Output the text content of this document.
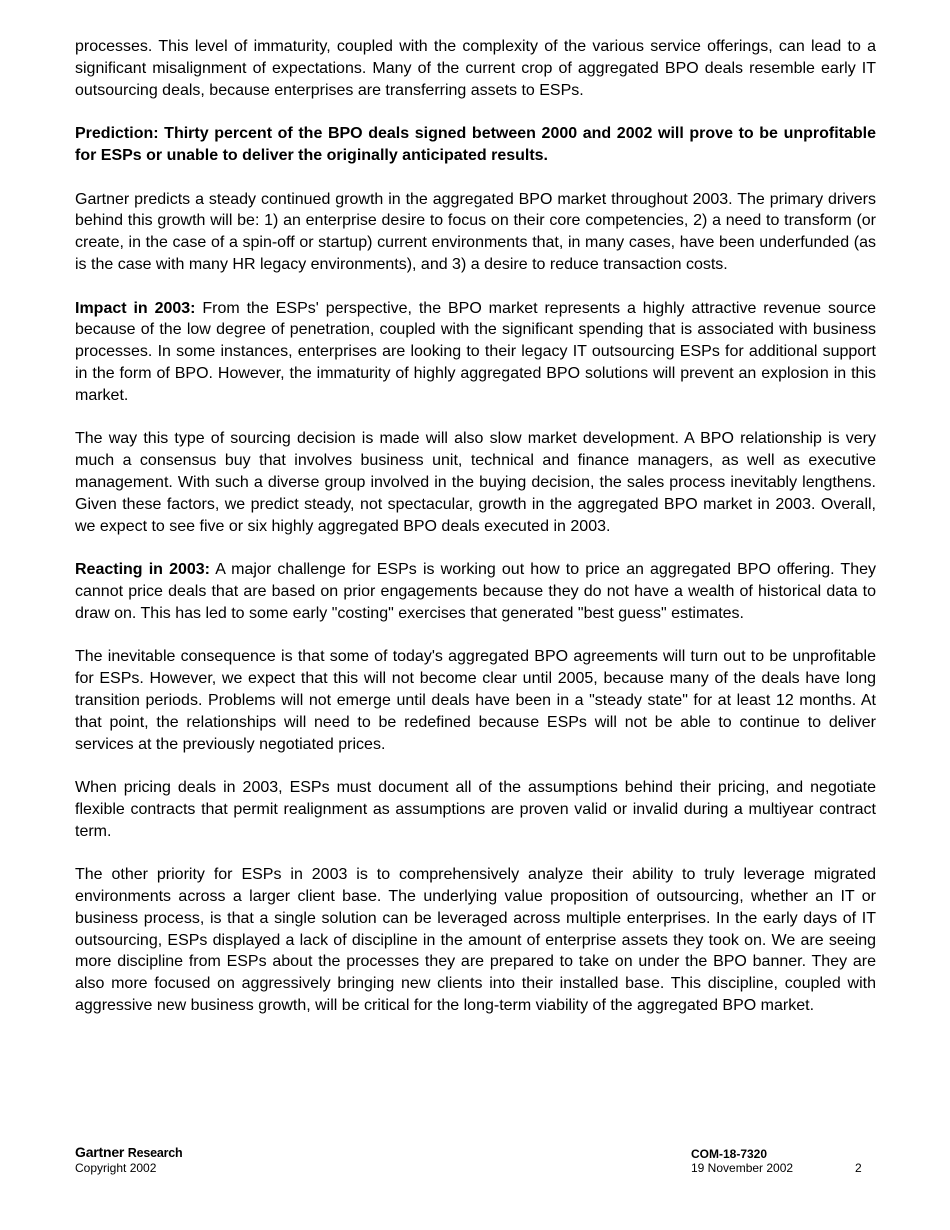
processes. This level of immaturity, coupled with the complexity of the various service offerings, can lead to a significant misalignment of expectations. Many of the current crop of aggregated BPO deals resemble early IT outsourcing deals, because enterprises are transferring assets to ESPs.

Prediction: Thirty percent of the BPO deals signed between 2000 and 2002 will prove to be unprofitable for ESPs or unable to deliver the originally anticipated results.

Gartner predicts a steady continued growth in the aggregated BPO market throughout 2003. The primary drivers behind this growth will be: 1) an enterprise desire to focus on their core competencies, 2) a need to transform (or create, in the case of a spin-off or startup) current environments that, in many cases, have been underfunded (as is the case with many HR legacy environments), and 3) a desire to reduce transaction costs.

Impact in 2003: From the ESPs' perspective, the BPO market represents a highly attractive revenue source because of the low degree of penetration, coupled with the significant spending that is associated with business processes. In some instances, enterprises are looking to their legacy IT outsourcing ESPs for additional support in the form of BPO. However, the immaturity of highly aggregated BPO solutions will prevent an explosion in this market.

The way this type of sourcing decision is made will also slow market development. A BPO relationship is very much a consensus buy that involves business unit, technical and finance managers, as well as executive management. With such a diverse group involved in the buying decision, the sales process inevitably lengthens. Given these factors, we predict steady, not spectacular, growth in the aggregated BPO market in 2003. Overall, we expect to see five or six highly aggregated BPO deals executed in 2003.

Reacting in 2003: A major challenge for ESPs is working out how to price an aggregated BPO offering. They cannot price deals that are based on prior engagements because they do not have a wealth of historical data to draw on. This has led to some early "costing" exercises that generated "best guess" estimates.

The inevitable consequence is that some of today's aggregated BPO agreements will turn out to be unprofitable for ESPs. However, we expect that this will not become clear until 2005, because many of the deals have long transition periods. Problems will not emerge until deals have been in a "steady state" for at least 12 months. At that point, the relationships will need to be redefined because ESPs will not be able to continue to deliver services at the previously negotiated prices.

When pricing deals in 2003, ESPs must document all of the assumptions behind their pricing, and negotiate flexible contracts that permit realignment as assumptions are proven valid or invalid during a multiyear contract term.

The other priority for ESPs in 2003 is to comprehensively analyze their ability to truly leverage migrated environments across a larger client base. The underlying value proposition of outsourcing, whether an IT or business process, is that a single solution can be leveraged across multiple enterprises. In the early days of IT outsourcing, ESPs displayed a lack of discipline in the amount of enterprise assets they took on. We are seeing more discipline from ESPs about the processes they are prepared to take on under the BPO banner. They are also more focused on aggressively bringing new clients into their installed base. This discipline, coupled with aggressive new business growth, will be critical for the long-term viability of the aggregated BPO market.

Gartner Research
Copyright 2002
COM-18-7320
19 November 2002	2
